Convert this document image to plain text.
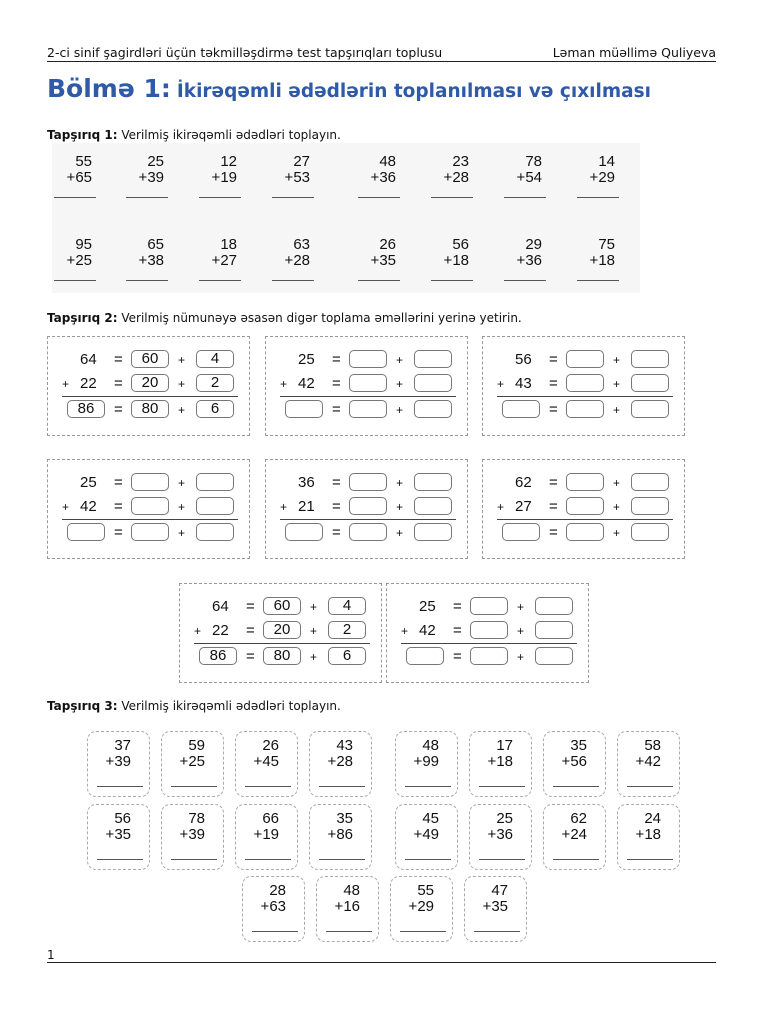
2-ci sinif şagirdləri üçün təkmilləşdirmə test tapşırıqları toplusu	Ləman müəllimə Quliyeva
Bölmə 1: İkirəqəmli ədədlərin toplanılması və çıxılması
Tapşırıq 1: Verilmiş ikirəqəmli ədədləri toplayın.
55
+65
25
+39
12
+19
27
+53
48
+36
23
+28
78
+54
14
+29
95
+25
65
+38
18
+27
63
+28
26
+35
56
+18
29
+36
75
+18
Tapşırıq 2: Verilmiş nümunəyə əsasən digər toplama əməllərini yerinə yetirin.
64 =	60	+	4
+ 22 =	20	+	2
86	=	80	+	6
25 =	+
+ 42 =	+
=	+
56 =	+
+ 43 =	+
=	+
25 =	+
+ 42 =	+
=	+
36 =	+
+ 21 =	+
=	+
62 =	+
+ 27 =	+
=	+
64 =	60	+	4
+ 22 =	20	+	2
86	=	80	+	6
25 =	+
+ 42 =	+
=	+
Tapşırıq 3: Verilmiş ikirəqəmli ədədləri toplayın.
37
+39
59
+25
26
+45
43
+28
48
+99
17
+18
35
+56
58
+42
56
+35
78
+39
66
+19
35
+86
45
+49
25
+36
62
+24
24
+18
28
+63
48
+16
55
+29
47
+35
1
